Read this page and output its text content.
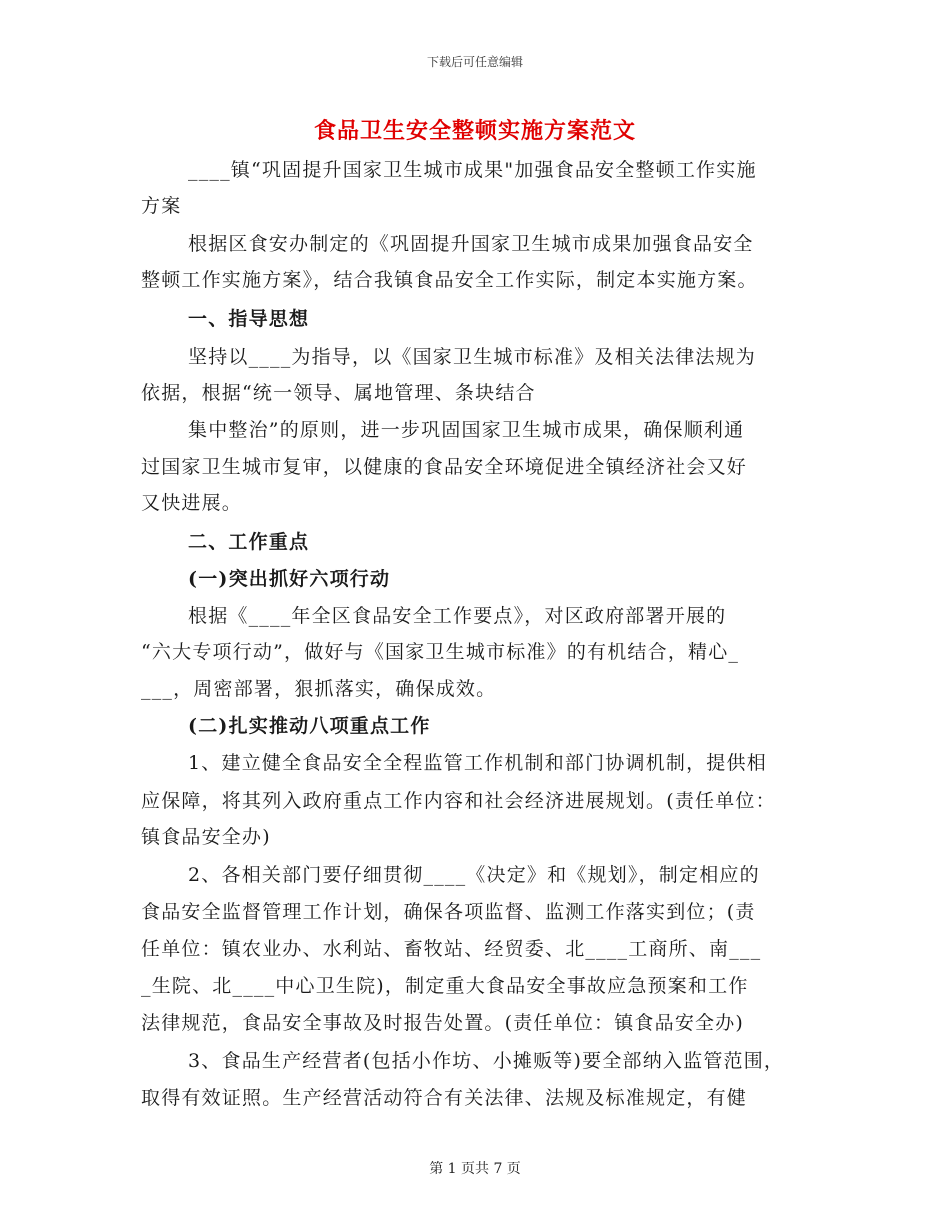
下载后可任意编辑
食品卫生安全整顿实施方案范文
____镇“巩固提升国家卫生城市成果"加强食品安全整顿工作实施
方案
根据区食安办制定的《巩固提升国家卫生城市成果加强食品安全
整顿工作实施方案》，结合我镇食品安全工作实际，制定本实施方案。
一、指导思想
坚持以____为指导，以《国家卫生城市标准》及相关法律法规为
依据，根据“统一领导、属地管理、条块结合
集中整治”的原则，进一步巩固国家卫生城市成果，确保顺利通
过国家卫生城市复审，以健康的食品安全环境促进全镇经济社会又好
又快进展。
二、工作重点
(一)突出抓好六项行动
根据《____年全区食品安全工作要点》，对区政府部署开展的
“六大专项行动”，做好与《国家卫生城市标准》的有机结合，精心_
___，周密部署，狠抓落实，确保成效。
(二)扎实推动八项重点工作
1、建立健全食品安全全程监管工作机制和部门协调机制，提供相
应保障，将其列入政府重点工作内容和社会经济进展规划。(责任单位：
镇食品安全办)
2、各相关部门要仔细贯彻____《决定》和《规划》，制定相应的
食品安全监督管理工作计划，确保各项监督、监测工作落实到位；(责
任单位：镇农业办、水利站、畜牧站、经贸委、北____工商所、南___
_生院、北____中心卫生院)，制定重大食品安全事故应急预案和工作
法律规范，食品安全事故及时报告处置。(责任单位：镇食品安全办)
3、食品生产经营者(包括小作坊、小摊贩等)要全部纳入监管范围，
取得有效证照。生产经营活动符合有关法律、法规及标准规定，有健
第 1 页共 7 页
